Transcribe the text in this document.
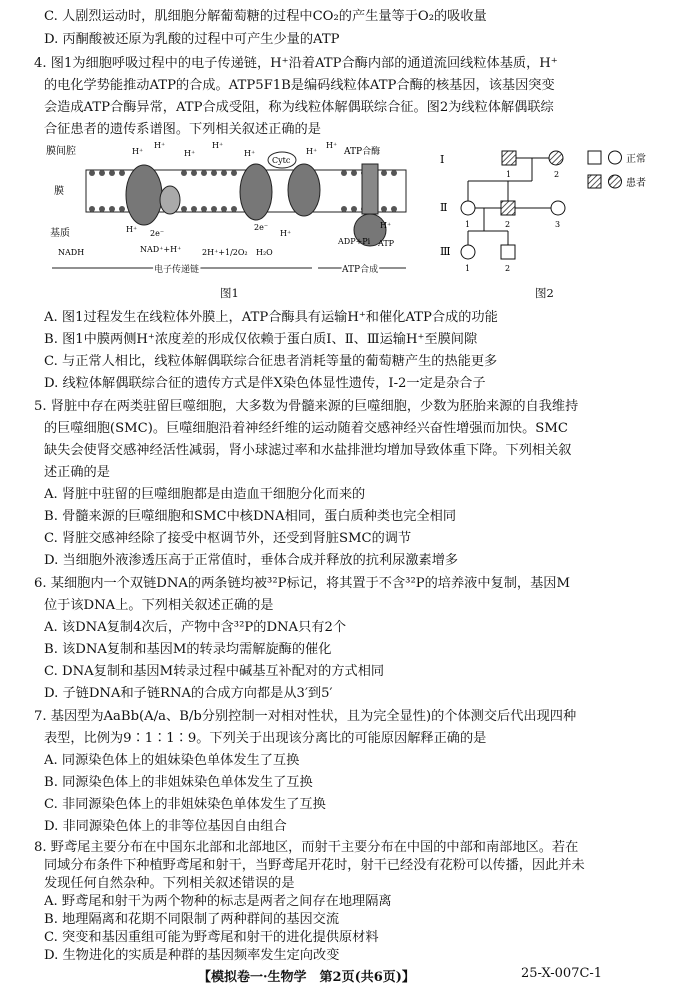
C. 人剧烈运动时，肌细胞分解葡萄糖的过程中CO₂的产生量等于O₂的吸收量
D. 丙酮酸被还原为乳酸的过程中可产生少量的ATP
4. 图1为细胞呼吸过程中的电子传递链，H⁺沿着ATP合酶内部的通道流回线粒体基质，H⁺
的电化学势能推动ATP的合成。ATP5F1B是编码线粒体ATP合酶的核基因，该基因突变
会造成ATP合酶异常，ATP合成受阻，称为线粒体解偶联综合征。图2为线粒体解偶联综
合征患者的遗传系谱图。下列相关叙述正确的是
膜间腔
膜
基质
Cytc
ATP合酶
H⁺
H⁺
H⁺
H⁺
H⁺	H⁺
H⁺
H⁺	H⁺
H⁺
2e⁻
2e⁻
NADH	NAD⁺+H⁺	2H⁺+1/2O₂ H₂O
ADP+Pi ATP
电子传递链	ATP合成
图1
Ⅰ
Ⅱ
Ⅲ
1	2
1	2	3
1	2
正常
患者
图2
A. 图1过程发生在线粒体外膜上，ATP合酶具有运输H⁺和催化ATP合成的功能
B. 图1中膜两侧H⁺浓度差的形成仅依赖于蛋白质Ⅰ、Ⅱ、Ⅲ运输H⁺至膜间隙
C. 与正常人相比，线粒体解偶联综合征患者消耗等量的葡萄糖产生的热能更多
D. 线粒体解偶联综合征的遗传方式是伴X染色体显性遗传，Ⅰ-2一定是杂合子
5. 肾脏中存在两类驻留巨噬细胞，大多数为骨髓来源的巨噬细胞，少数为胚胎来源的自我维持
的巨噬细胞(SMC)。巨噬细胞沿着神经纤维的运动随着交感神经兴奋性增强而加快。SMC
缺失会使肾交感神经活性减弱，肾小球滤过率和水盐排泄均增加导致体重下降。下列相关叙
述正确的是
A. 肾脏中驻留的巨噬细胞都是由造血干细胞分化而来的
B. 骨髓来源的巨噬细胞和SMC中核DNA相同，蛋白质种类也完全相同
C. 肾脏交感神经除了接受中枢调节外，还受到肾脏SMC的调节
D. 当细胞外液渗透压高于正常值时，垂体合成并释放的抗利尿激素增多
6. 某细胞内一个双链DNA的两条链均被³²P标记，将其置于不含³²P的培养液中复制，基因M
位于该DNA上。下列相关叙述正确的是
A. 该DNA复制4次后，产物中含³²P的DNA只有2个
B. 该DNA复制和基因M的转录均需解旋酶的催化
C. DNA复制和基因M转录过程中碱基互补配对的方式相同
D. 子链DNA和子链RNA的合成方向都是从3′到5′
7. 基因型为AaBb(A/a、B/b分别控制一对相对性状，且为完全显性)的个体测交后代出现四种
表型，比例为9∶1∶1∶9。下列关于出现该分离比的可能原因解释正确的是
A. 同源染色体上的姐妹染色单体发生了互换
B. 同源染色体上的非姐妹染色单体发生了互换
C. 非同源染色体上的非姐妹染色单体发生了互换
D. 非同源染色体上的非等位基因自由组合
8. 野鸢尾主要分布在中国东北部和北部地区，而射干主要分布在中国的中部和南部地区。若在
同域分布条件下种植野鸢尾和射干，当野鸢尾开花时，射干已经没有花粉可以传播，因此并未
发现任何自然杂种。下列相关叙述错误的是
A. 野鸢尾和射干为两个物种的标志是两者之间存在地理隔离
B. 地理隔离和花期不同限制了两种群间的基因交流
【模拟卷一·生物学　第2页(共6页)】	25-X-007C-1
C. 突变和基因重组可能为野鸢尾和射干的进化提供原材料
D. 生物进化的实质是种群的基因频率发生定向改变
